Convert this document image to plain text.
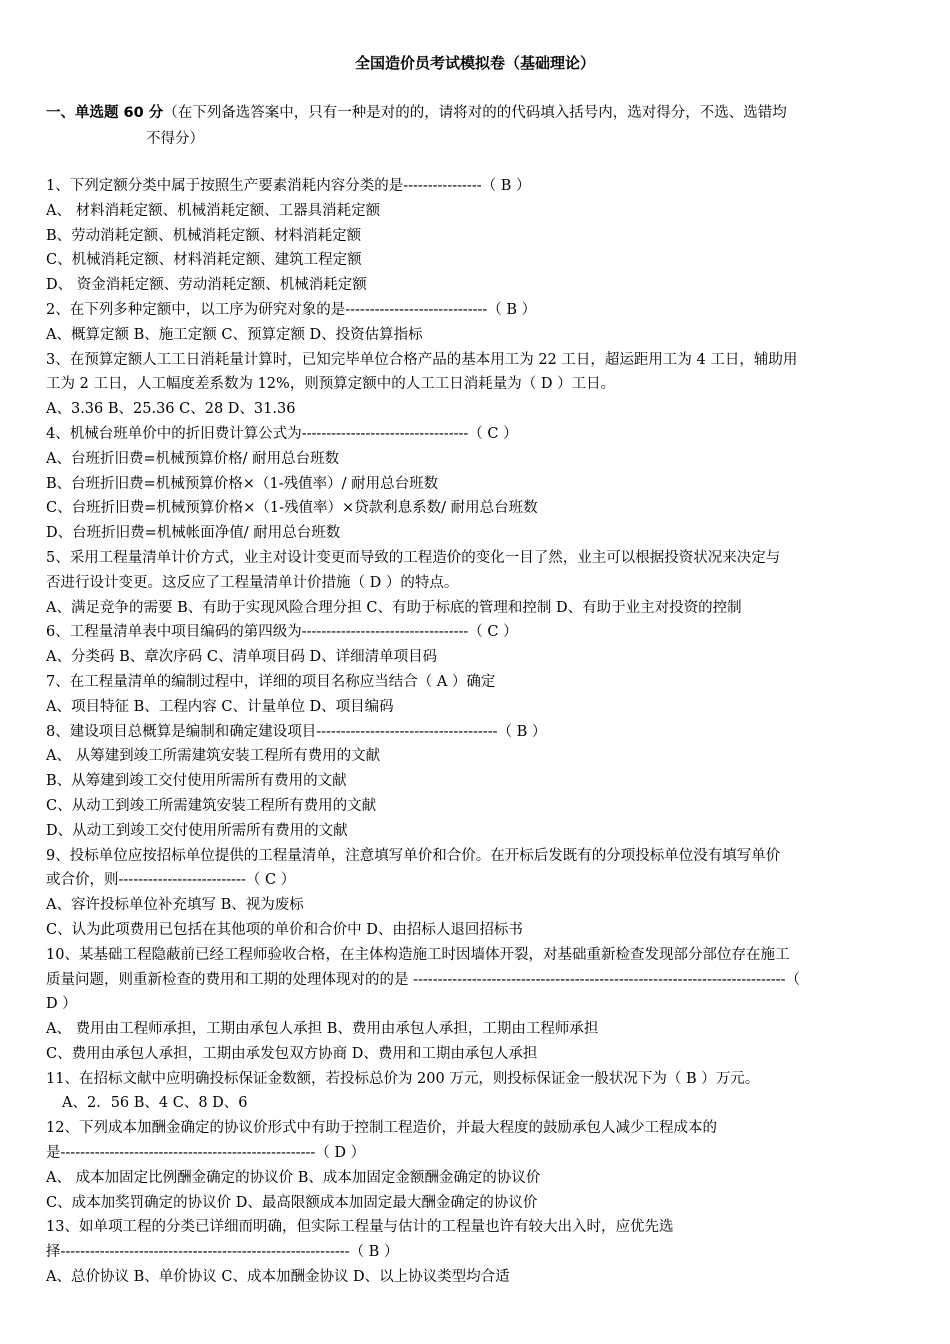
全国造价员考试模拟卷（基础理论）
一、单选题 60 分（在下列备选答案中，只有一种是对的的，请将对的的代码填入括号内，选对得分，不选、选错均
不得分）
1、下列定额分类中属于按照生产要素消耗内容分类的是----------------（ B ）
A、 材料消耗定额、机械消耗定额、工器具消耗定额
B、劳动消耗定额、机械消耗定额、材料消耗定额
C、机械消耗定额、材料消耗定额、建筑工程定额
D、 资金消耗定额、劳动消耗定额、机械消耗定额
2、在下列多种定额中，以工序为研究对象的是-----------------------------（ B ）
A、概算定额 B、施工定额 C、预算定额 D、投资估算指标
3、在预算定额人工工日消耗量计算时，已知完毕单位合格产品的基本用工为 22 工日，超运距用工为 4 工日，辅助用
工为 2 工日，人工幅度差系数为 12%，则预算定额中的人工工日消耗量为（ D ）工日。
A、3.36 B、25.36 C、28 D、31.36
4、机械台班单价中的折旧费计算公式为----------------------------------（ C ）
A、台班折旧费=机械预算价格/ 耐用总台班数
B、台班折旧费=机械预算价格×（1-残值率）/ 耐用总台班数
C、台班折旧费=机械预算价格×（1-残值率）×贷款利息系数/ 耐用总台班数
D、台班折旧费=机械帐面净值/ 耐用总台班数
5、采用工程量清单计价方式，业主对设计变更而导致的工程造价的变化一目了然，业主可以根据投资状况来决定与
否进行设计变更。这反应了工程量清单计价措施（ D ）的特点。
A、满足竞争的需要 B、有助于实现风险合理分担 C、有助于标底的管理和控制 D、有助于业主对投资的控制
6、工程量清单表中项目编码的第四级为----------------------------------（ C ）
A、分类码 B、章次序码 C、清单项目码 D、详细清单项目码
7、在工程量清单的编制过程中，详细的项目名称应当结合（ A ）确定
A、项目特征 B、工程内容 C、计量单位 D、项目编码
8、建设项目总概算是编制和确定建设项目-------------------------------------（ B ）
A、 从筹建到竣工所需建筑安装工程所有费用的文献
B、从筹建到竣工交付使用所需所有费用的文献
C、从动工到竣工所需建筑安装工程所有费用的文献
D、从动工到竣工交付使用所需所有费用的文献
9、投标单位应按招标单位提供的工程量清单，注意填写单价和合价。在开标后发既有的分项投标单位没有填写单价
或合价，则--------------------------（ C ）
A、容许投标单位补充填写 B、视为废标
C、认为此项费用已包括在其他项的单价和合价中 D、由招标人退回招标书
10、某基础工程隐蔽前已经工程师验收合格，在主体构造施工时因墙体开裂，对基础重新检查发现部分部位存在施工
质量问题，则重新检查的费用和工期的处理体现对的的是 ----------------------------------------------------------------------------（
D ）
A、 费用由工程师承担，工期由承包人承担 B、费用由承包人承担，工期由工程师承担
C、费用由承包人承担，工期由承发包双方协商 D、费用和工期由承包人承担
11、在招标文献中应明确投标保证金数额，若投标总价为 200 万元，则投标保证金一般状况下为（ B ）万元。
A、2．56 B、4 C、8 D、6
12、下列成本加酬金确定的协议价形式中有助于控制工程造价，并最大程度的鼓励承包人减少工程成本的
是----------------------------------------------------（ D ）
A、 成本加固定比例酬金确定的协议价 B、成本加固定金额酬金确定的协议价
C、成本加奖罚确定的协议价 D、最高限额成本加固定最大酬金确定的协议价
13、如单项工程的分类已详细而明确，但实际工程量与估计的工程量也许有较大出入时，应优先选
择-----------------------------------------------------------（ B ）
A、总价协议 B、单价协议 C、成本加酬金协议 D、以上协议类型均合适
